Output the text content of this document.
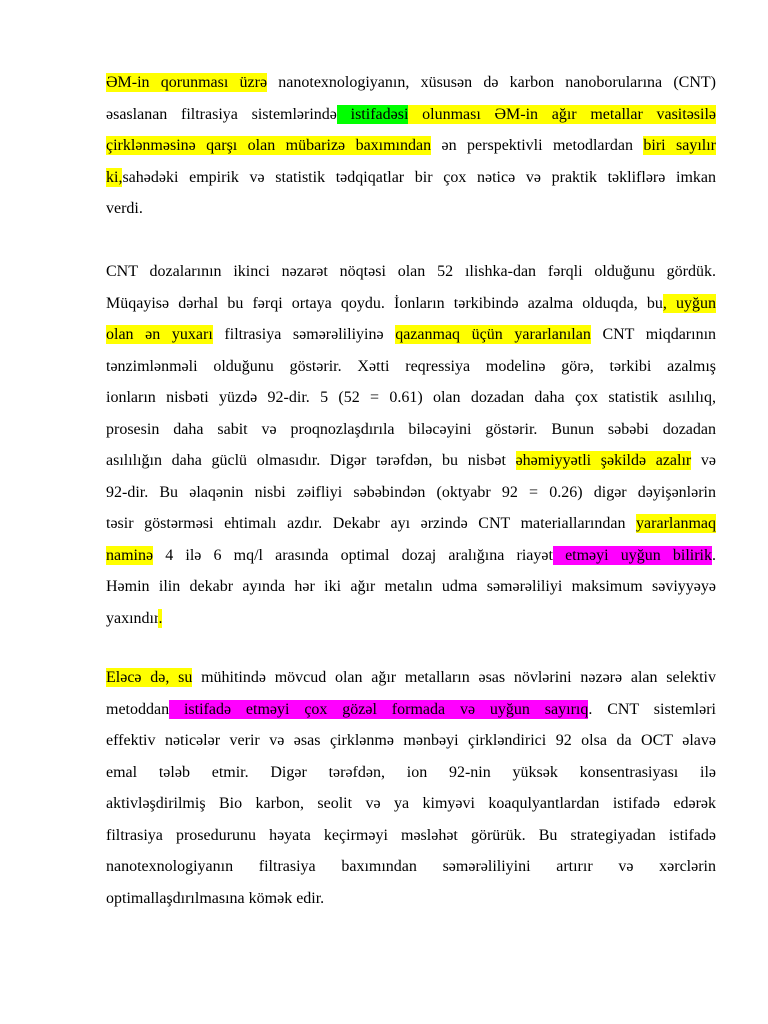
ƏM-in qorunması üzrə nanotexnologiyanın, xüsusən də karbon nanoborularına (CNT)
əsaslanan filtrasiya sistemlərində istifadəsi olunması ƏM-in ağır metallar vasitəsilə
çirklənməsinə qarşı olan mübarizə baxımından ən perspektivli metodlardan biri sayılır
ki,sahədəki empirik və statistik tədqiqatlar bir çox nəticə və praktik təkliflərə imkan
verdi.
CNT dozalarının ikinci nəzarət nöqtəsi olan 52 ılishka-dan fərqli olduğunu gördük.
Müqayisə dərhal bu fərqi ortaya qoydu. İonların tərkibində azalma olduqda, bu, uyğun
olan ən yuxarı filtrasiya səmərəliliyinə qazanmaq üçün yararlanılan CNT miqdarının
tənzimlənməli olduğunu göstərir. Xətti reqressiya modelinə görə, tərkibi azalmış
ionların nisbəti yüzdə 92-dir. 5 (52 = 0.61) olan dozadan daha çox statistik asılılıq,
prosesin daha sabit və proqnozlaşdırıla biləcəyini göstərir. Bunun səbəbi dozadan
asılılığın daha güclü olmasıdır. Digər tərəfdən, bu nisbət əhəmiyyətli şəkildə azalır və
92-dir. Bu əlaqənin nisbi zəifliyi səbəbindən (oktyabr 92 = 0.26) digər dəyişənlərin
təsir göstərməsi ehtimalı azdır. Dekabr ayı ərzində CNT materiallarından yararlanmaq
naminə 4 ilə 6 mq/l arasında optimal dozaj aralığına riayət etməyi uyğun bilirik.
Həmin ilin dekabr ayında hər iki ağır metalın udma səmərəliliyi maksimum səviyyəyə
yaxındır.
Eləcə də, su mühitində mövcud olan ağır metalların əsas növlərini nəzərə alan selektiv
metoddan istifadə etməyi çox gözəl formada və uyğun sayırıq. CNT sistemləri
effektiv nəticələr verir və əsas çirklənmə mənbəyi çirkləndirici 92 olsa da OCT əlavə
emal tələb etmir. Digər tərəfdən, ion 92-nin yüksək konsentrasiyası ilə
aktivləşdirilmiş Bio karbon, seolit və ya kimyəvi koaqulyantlardan istifadə edərək
filtrasiya prosedurunu həyata keçirməyi məsləhət görürük. Bu strategiyadan istifadə
nanotexnologiyanın filtrasiya baxımından səmərəliliyini artırır və xərclərin
optimallaşdırılmasına kömək edir.
